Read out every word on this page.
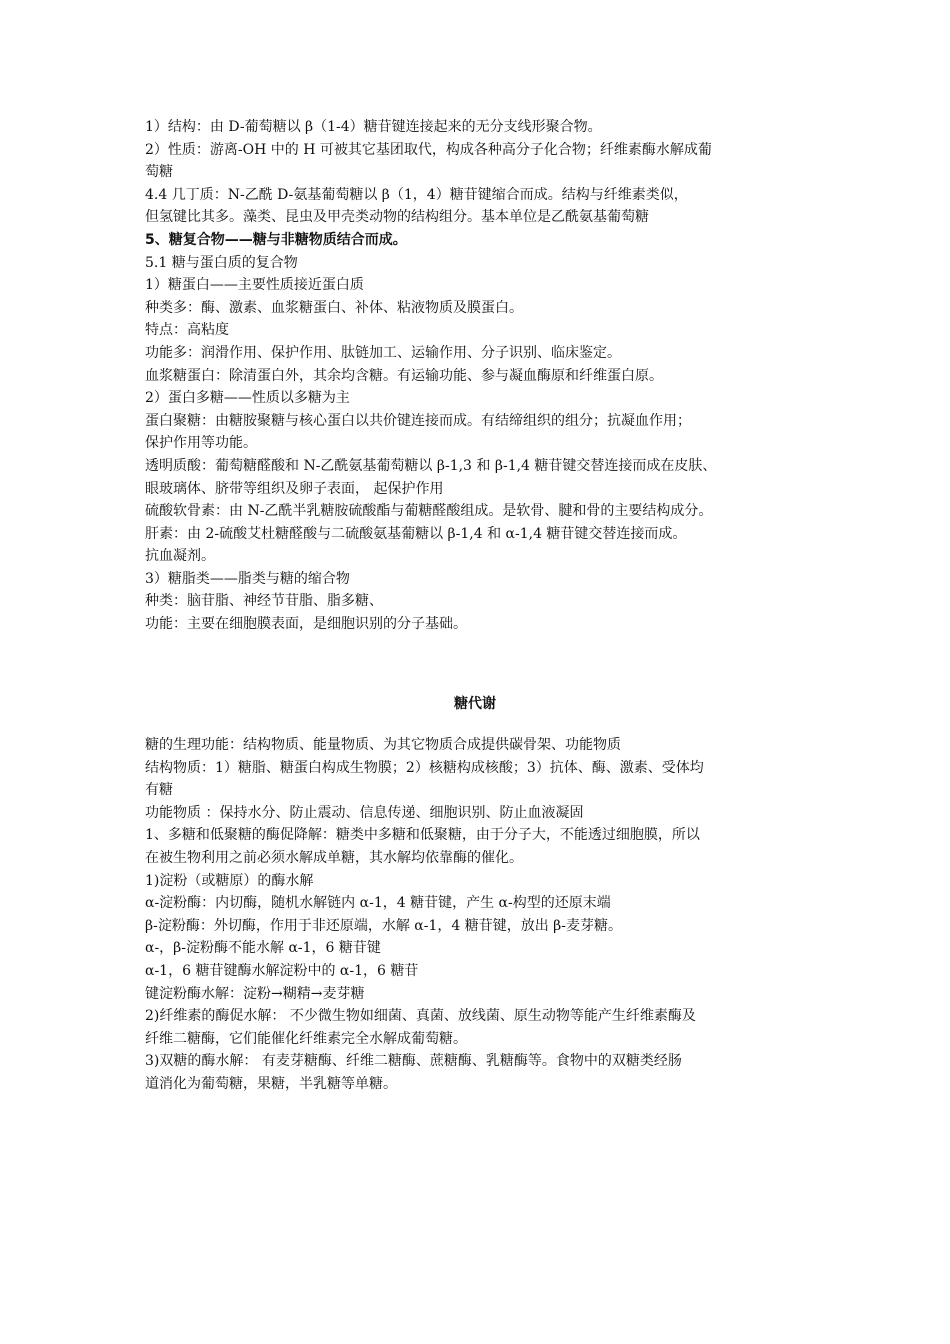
1）结构：由 D-葡萄糖以 β（1-4）糖苷键连接起来的无分支线形聚合物。
2）性质：游离-OH 中的 H 可被其它基团取代，构成各种高分子化合物；纤维素酶水解成葡
萄糖
4.4 几丁质：N-乙酰 D-氨基葡萄糖以 β（1，4）糖苷键缩合而成。结构与纤维素类似，
但氢键比其多。藻类、昆虫及甲壳类动物的结构组分。基本单位是乙酰氨基葡萄糖
5、糖复合物——糖与非糖物质结合而成。
5.1 糖与蛋白质的复合物
1）糖蛋白——主要性质接近蛋白质
种类多：酶、激素、血浆糖蛋白、补体、粘液物质及膜蛋白。
特点：高粘度
功能多：润滑作用、保护作用、肽链加工、运输作用、分子识别、临床鉴定。
血浆糖蛋白：除清蛋白外，其余均含糖。有运输功能、参与凝血酶原和纤维蛋白原。
2）蛋白多糖——性质以多糖为主
蛋白聚糖：由糖胺聚糖与核心蛋白以共价键连接而成。有结缔组织的组分；抗凝血作用；
保护作用等功能。
透明质酸：葡萄糖醛酸和 N-乙酰氨基葡萄糖以 β-1,3 和 β-1,4 糖苷键交替连接而成在皮肤、
眼玻璃体、脐带等组织及卵子表面， 起保护作用
硫酸软骨素：由 N-乙酰半乳糖胺硫酸酯与葡糖醛酸组成。是软骨、腱和骨的主要结构成分。
肝素：由 2-硫酸艾杜糖醛酸与二硫酸氨基葡糖以 β-1,4 和 α-1,4 糖苷键交替连接而成。
抗血凝剂。
3）糖脂类——脂类与糖的缩合物
种类：脑苷脂、神经节苷脂、脂多糖、
功能：主要在细胞膜表面，是细胞识别的分子基础。
糖代谢
糖的生理功能：结构物质、能量物质、为其它物质合成提供碳骨架、功能物质
结构物质：1）糖脂、糖蛋白构成生物膜；2）核糖构成核酸；3）抗体、酶、激素、受体均
有糖
功能物质 ：保持水分、防止震动、信息传递、细胞识别、防止血液凝固
1、多糖和低聚糖的酶促降解：糖类中多糖和低聚糖，由于分子大，不能透过细胞膜，所以
在被生物利用之前必须水解成单糖，其水解均依靠酶的催化。
1)淀粉（或糖原）的酶水解
α-淀粉酶：内切酶，随机水解链内 α-1，4 糖苷键，产生 α-构型的还原末端
β-淀粉酶：外切酶，作用于非还原端，水解 α-1，4 糖苷键，放出 β-麦芽糖。
α-，β-淀粉酶不能水解 α-1，6 糖苷键
α-1，6 糖苷键酶水解淀粉中的 α-1，6 糖苷
键淀粉酶水解：淀粉→糊精→麦芽糖
2)纤维素的酶促水解： 不少微生物如细菌、真菌、放线菌、原生动物等能产生纤维素酶及
纤维二糖酶，它们能催化纤维素完全水解成葡萄糖。
3)双糖的酶水解： 有麦芽糖酶、纤维二糖酶、蔗糖酶、乳糖酶等。食物中的双糖类经肠
道消化为葡萄糖，果糖，半乳糖等单糖。
